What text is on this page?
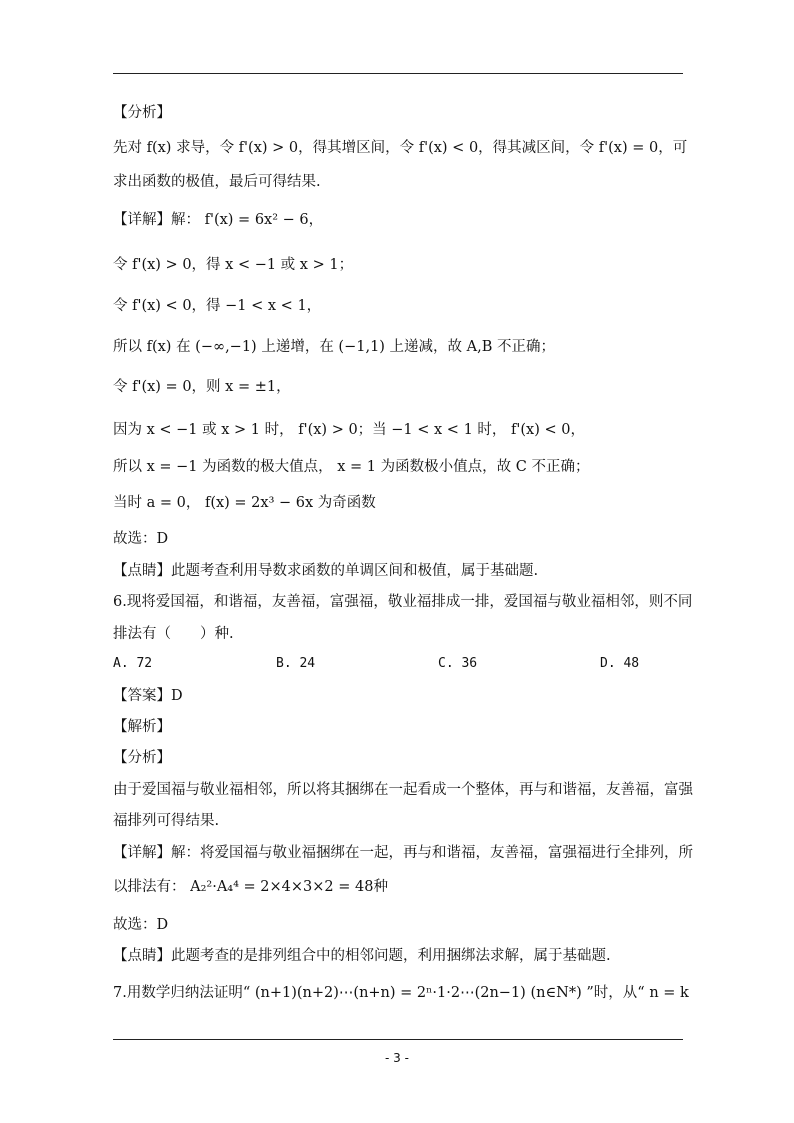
【分析】
先对 f(x) 求导，令 f'(x) > 0，得其增区间，令 f'(x) < 0，得其减区间，令 f'(x) = 0，可
求出函数的极值，最后可得结果.
【详解】解： f'(x) = 6x² − 6，
令 f'(x) > 0，得 x < −1 或 x > 1；
令 f'(x) < 0，得 −1 < x < 1，
所以 f(x) 在 (−∞,−1) 上递增，在 (−1,1) 上递减，故 A,B 不正确；
令 f'(x) = 0，则 x = ±1，
因为 x < −1 或 x > 1 时， f'(x) > 0；当 −1 < x < 1 时， f'(x) < 0，
所以 x = −1 为函数的极大值点， x = 1 为函数极小值点，故 C 不正确；
当时 a = 0， f(x) = 2x³ − 6x 为奇函数
故选：D
【点睛】此题考查利用导数求函数的单调区间和极值，属于基础题.
6.现将爱国福，和谐福，友善福，富强福，敬业福排成一排，爱国福与敬业福相邻，则不同
排法有（　　）种.
A. 72	B. 24	C. 36	D. 48
【答案】D
【解析】
【分析】
由于爱国福与敬业福相邻，所以将其捆绑在一起看成一个整体，再与和谐福，友善福，富强
福排列可得结果.
【详解】解：将爱国福与敬业福捆绑在一起，再与和谐福，友善福，富强福进行全排列，所
以排法有： A₂²·A₄⁴ = 2×4×3×2 = 48种
故选：D
【点睛】此题考查的是排列组合中的相邻问题，利用捆绑法求解，属于基础题.
7.用数学归纳法证明“ (n+1)(n+2)⋯(n+n) = 2ⁿ·1·2⋯(2n−1) (n∈N*) ”时，从“ n = k
- 3 -
